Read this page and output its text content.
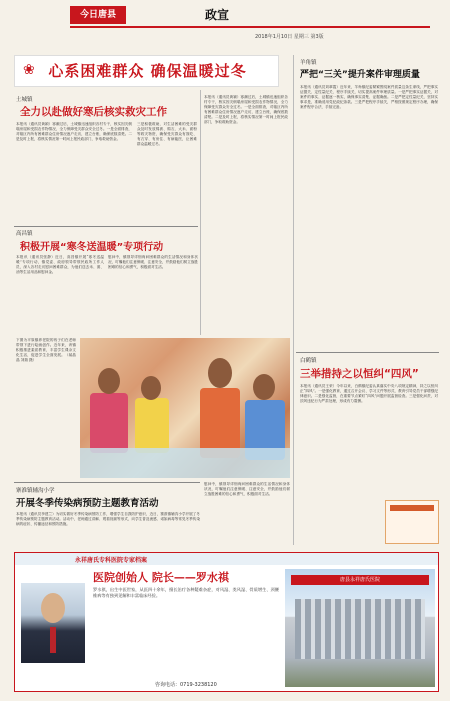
今日唐县	政宣
2018年1月10日 星期三 第3版
❀ 心系困难群众 确保温暖过冬
土城镇
全力以赴做好寒后核实救灾工作
本报讯（通讯员黄颖）寒潮过后，土城镇迅速组织各村专干，核实因灾倒塌房屋和受损农作物情况，全力保障受灾群众安全过冬。一是全面排查，对辖区内所有困难群众住房情况逐户走访，建立台账，确保底数清楚。二是及时上报，将核实情况第一时间上报民政部门，争取救助资金。
三是积极救助，对生活困难的受灾群众及时发放棉被、棉衣、大米、面粉等救灾物资，确保受灾群众有饭吃、有衣穿、有房住、有病能医，让困难群众温暖过冬。
高昌镇
积极开展“寒冬送温暖”专项行动
本报讯（通讯员张静）近日，高昌镇开展“寒冬送温暖”专项行动，镇党委、政府领导带领民政所工作人员，深入各村走访慰问困难群众，为他们送去米、面、油等生活用品和慰问金。
慰问中，镇领导详细询问困难群众的生活情况和身体状况，叮嘱他们注意保暖、注意安全，并鼓励他们树立战胜困难的信心和勇气，积极面对生活。
本报讯（通讯员黄颖）寒潮过后，土城镇迅速组织各村专干，核实因灾倒塌房屋和受损农作物情况，全力保障受灾群众安全过冬。一是全面排查，对辖区内所有困难群众住房情况逐户走访，建立台账，确保底数清楚。二是及时上报，将核实情况第一时间上报民政部门，争取救助资金。
羊角镇
严把“三关”提升案件审理质量
本报讯（通讯员刘翠霞）近年来，羊角镇纪委紧紧围绕案件质量这条生命线，严把事实证据关、定性量纪关、程序手续关，切实提高案件审理质量。一是严把事实证据关，对案件的事实、证据逐一核实，确保事实清楚、证据确凿。二是严把定性量纪关，坚持实事求是，准确适用党纪政纪条款。三是严把程序手续关，严格按照规定程序办理，确保案件程序合法、手续完备。
白鹤镇
三举措持之以恒纠“四风”
本报讯（通讯员王荣）今年以来，白鹤镇纪委认真落实中央八项规定精神，持之以恒纠正“四风”。一是强化教育，通过召开会议、学习文件等形式，教育引导党员干部增强纪律意识。二是强化监督，在重要节点紧盯“四风”问题开展监督检查。三是强化问责，对顶风违纪行为严肃处理，形成有力震慑。
下图为平原镇养老院的孩子们在老师带领下进行绘画创作。近年来，该镇积极推进素质教育，丰富学生课余文化生活，促进学生全面发展。（郝晶晶 刘瑞 摄）
慰问中，镇领导详细询问困难群众的生活情况和身体状况，叮嘱他们注意保暖、注意安全，并鼓励他们树立战胜困难的信心和勇气，积极面对生活。
寨淮镇辅沟小学
开展冬季传染病预防主题教育活动
本报讯（通讯员李建兰）为切实做好冬季传染病预防工作，增强学生自我防护意识，近日，寨淮镇辅沟小学开展了冬季传染病预防主题教育活动。活动中，老师通过讲解、观看视频等形式，向学生普及流感、诺如病毒等常见冬季传染病的症状、传播途径和预防措施。
永祥唐氏专科医院专家档案
医院创始人 院长——罗水祺
罗水祺，出生中医世家，从医四十余年，擅长治疗各种疑难杂症，对风湿、类风湿、骨质增生、颈腰椎病等有独到见解和丰富临床经验。
唐县永祥唐氏医院
咨询电话：0719-3238120
